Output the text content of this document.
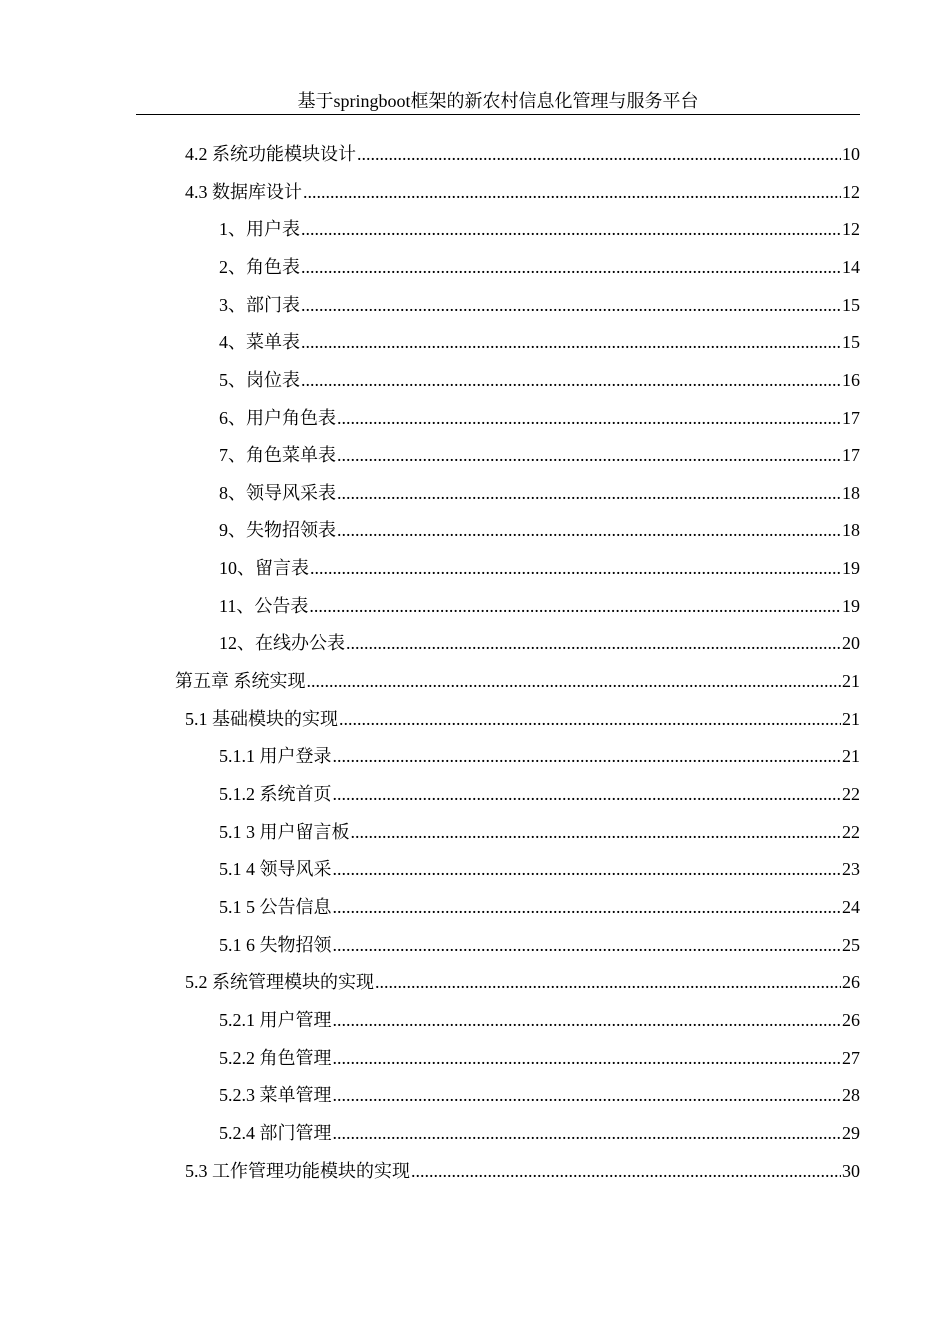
基于springboot框架的新农村信息化管理与服务平台
4.2 系统功能模块设计 .....	10
4.3 数据库设计 .....	12
1、用户表 .....	12
2、角色表 .....	14
3、部门表 .....	15
4、菜单表 .....	15
5、岗位表 .....	16
6、用户角色表 .....	17
7、角色菜单表 .....	17
8、领导风采表 .....	18
9、失物招领表 .....	18
10、留言表 .....	19
11、公告表 .....	19
12、在线办公表 .....	20
第五章 系统实现 .....	21
5.1 基础模块的实现 .....	21
5.1.1 用户登录 .....	21
5.1.2 系统首页 .....	22
5.1 3 用户留言板 .....	22
5.1 4 领导风采 .....	23
5.1 5 公告信息 .....	24
5.1 6 失物招领 .....	25
5.2 系统管理模块的实现 .....	26
5.2.1 用户管理 .....	26
5.2.2 角色管理 .....	27
5.2.3 菜单管理 .....	28
5.2.4 部门管理 .....	29
5.3 工作管理功能模块的实现 .....	30
